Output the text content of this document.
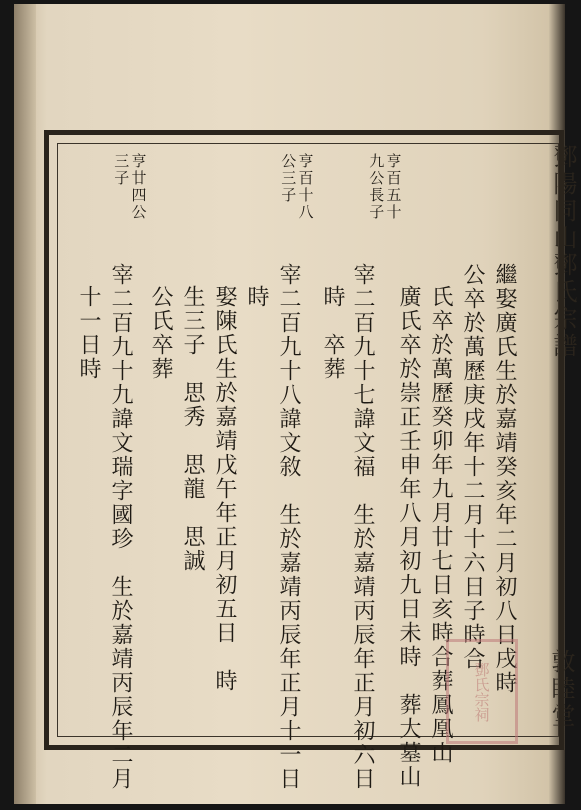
鄧陽同山鄧氏宗譜
敦睦堂
亨百五十
九公長子
亨百十八
公三子
亨廿四公
三子
繼娶廣氏生於嘉靖癸亥年二月初八日戌時
公卒於萬歷庚戌年十二月十六日子時合
氏卒於萬歷癸卯年九月廿七日亥時合葬鳳凰山
廣氏卒於崇正壬申年八月初九日未時　葬大墓山
宰二百九十七諱文福　生於嘉靖丙辰年正月初六日
時　卒葬
宰二百九十八諱文敘　生於嘉靖丙辰年正月十一日
時
娶陳氏生於嘉靖戊午年正月初五日　時
生三子　思秀　思龍　思誠
公氏卒葬
宰二百九十九諱文瑞字國珍　生於嘉靖丙辰年二月
十一日時
鄧氏宗祠
